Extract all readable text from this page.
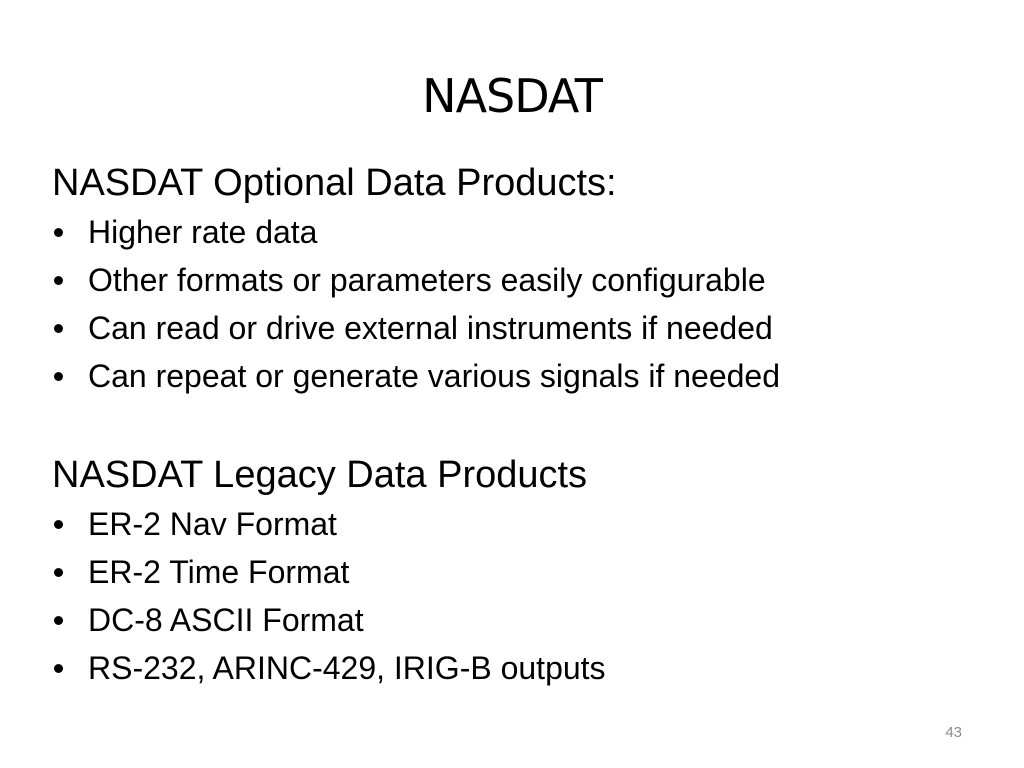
NASDAT

NASDAT Optional Data Products:

Higher rate data
Other formats or parameters easily configurable
Can read or drive external instruments if needed
Can repeat or generate various signals if needed

NASDAT Legacy Data Products

ER-2 Nav Format
ER-2 Time Format
DC-8 ASCII Format
RS-232, ARINC-429, IRIG-B outputs
43
